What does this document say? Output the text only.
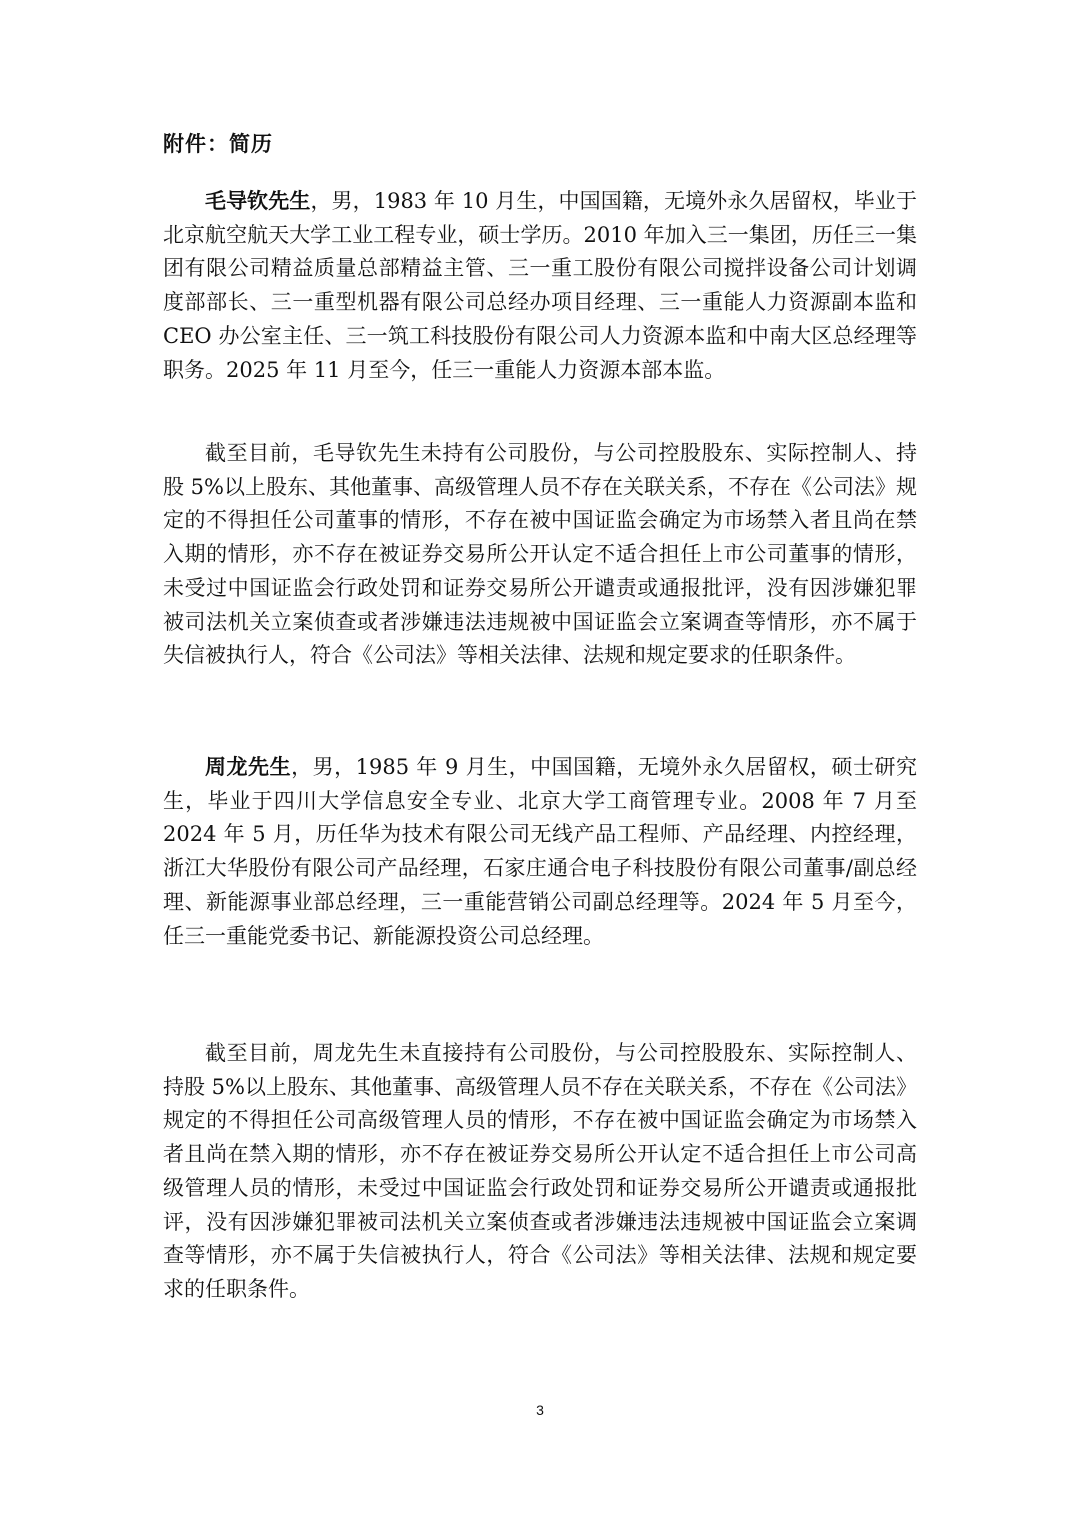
附件：简历

毛导钦先生，男，1983 年 10 月生，中国国籍，无境外永久居留权，毕业于北京航空航天大学工业工程专业，硕士学历。2010 年加入三一集团，历任三一集团有限公司精益质量总部精益主管、三一重工股份有限公司搅拌设备公司计划调度部部长、三一重型机器有限公司总经办项目经理、三一重能人力资源副本监和 CEO 办公室主任、三一筑工科技股份有限公司人力资源本监和中南大区总经理等职务。2025 年 11 月至今，任三一重能人力资源本部本监。

截至目前，毛导钦先生未持有公司股份，与公司控股股东、实际控制人、持股 5%以上股东、其他董事、高级管理人员不存在关联关系，不存在《公司法》规定的不得担任公司董事的情形，不存在被中国证监会确定为市场禁入者且尚在禁入期的情形，亦不存在被证券交易所公开认定不适合担任上市公司董事的情形，未受过中国证监会行政处罚和证券交易所公开谴责或通报批评，没有因涉嫌犯罪被司法机关立案侦查或者涉嫌违法违规被中国证监会立案调查等情形，亦不属于失信被执行人，符合《公司法》等相关法律、法规和规定要求的任职条件。

周龙先生，男，1985 年 9 月生，中国国籍，无境外永久居留权，硕士研究生，毕业于四川大学信息安全专业、北京大学工商管理专业。2008 年 7 月至 2024 年 5 月，历任华为技术有限公司无线产品工程师、产品经理、内控经理，浙江大华股份有限公司产品经理，石家庄通合电子科技股份有限公司董事/副总经理、新能源事业部总经理，三一重能营销公司副总经理等。2024 年 5 月至今，任三一重能党委书记、新能源投资公司总经理。

截至目前，周龙先生未直接持有公司股份，与公司控股股东、实际控制人、持股 5%以上股东、其他董事、高级管理人员不存在关联关系，不存在《公司法》规定的不得担任公司高级管理人员的情形，不存在被中国证监会确定为市场禁入者且尚在禁入期的情形，亦不存在被证券交易所公开认定不适合担任上市公司高级管理人员的情形，未受过中国证监会行政处罚和证券交易所公开谴责或通报批评，没有因涉嫌犯罪被司法机关立案侦查或者涉嫌违法违规被中国证监会立案调查等情形，亦不属于失信被执行人，符合《公司法》等相关法律、法规和规定要求的任职条件。

3
